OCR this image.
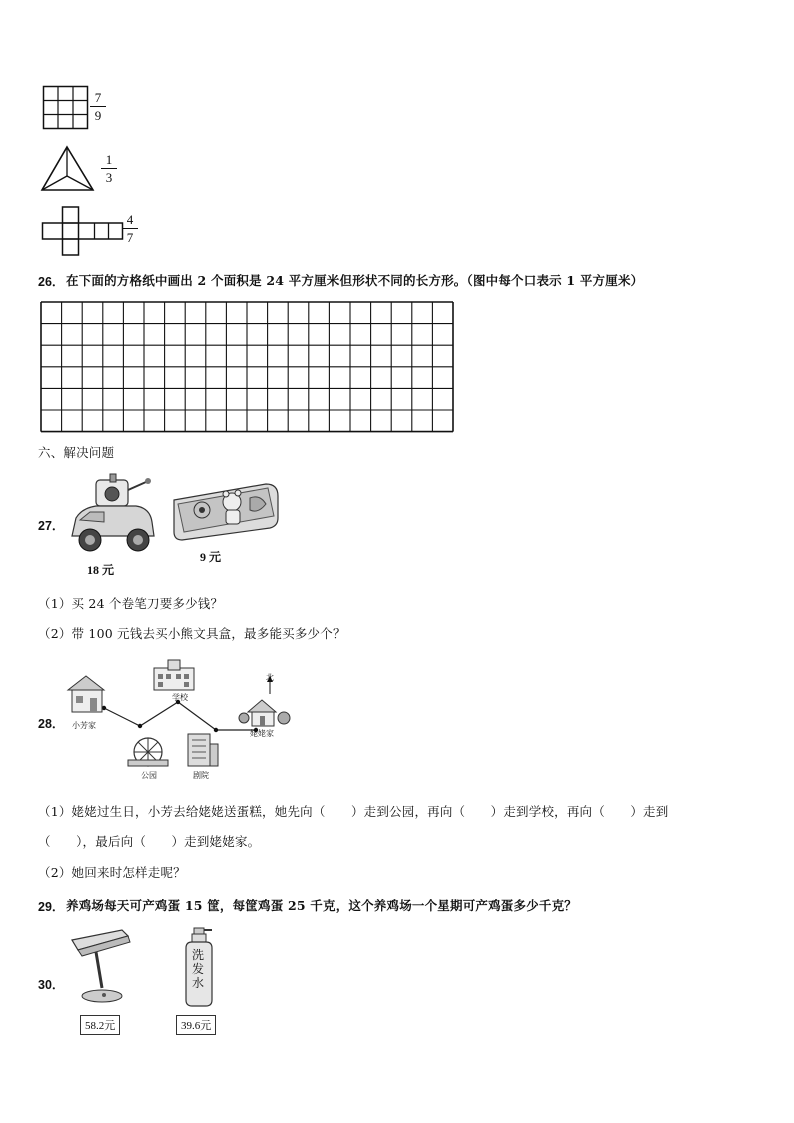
7
9
1
3
4
7
26． 在下面的方格纸中画出 2 个面积是 24 平方厘米但形状不同的长方形。（图中每个口表示 1 平方厘米）
六、解决问题
27．
18 元
9 元
（1）买 24 个卷笔刀要多少钱？
（2）带 100 元钱去买小熊文具盒，最多能买多少个？
28．
北
小芳家
学校
姥姥家
公园	剧院
（1）姥姥过生日，小芳去给姥姥送蛋糕，她先向（　　）走到公园，再向（　　）走到学校，再向（　　）走到
（　　），最后向（　　）走到姥姥家。
（2）她回来时怎样走呢？
29． 养鸡场每天可产鸡蛋 15 筐，每筐鸡蛋 25 千克，这个养鸡场一个星期可产鸡蛋多少千克？
30．
58.2元
洗发水
39.6元
